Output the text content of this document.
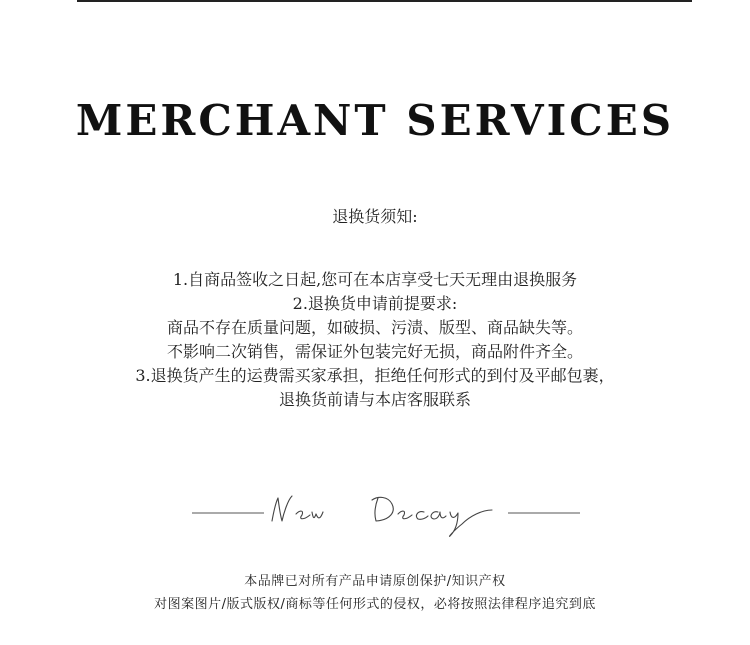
MERCHANT SERVICES
退换货须知:
1.自商品签收之日起,您可在本店享受七天无理由退换服务
2.退换货申请前提要求:
商品不存在质量问题，如破损、污渍、版型、商品缺失等。
不影响二次销售，需保证外包装完好无损，商品附件齐全。
3.退换货产生的运费需买家承担，拒绝任何形式的到付及平邮包裹，
退换货前请与本店客服联系
本品牌已对所有产品申请原创保护/知识产权
对图案图片/版式版权/商标等任何形式的侵权，必将按照法律程序追究到底
